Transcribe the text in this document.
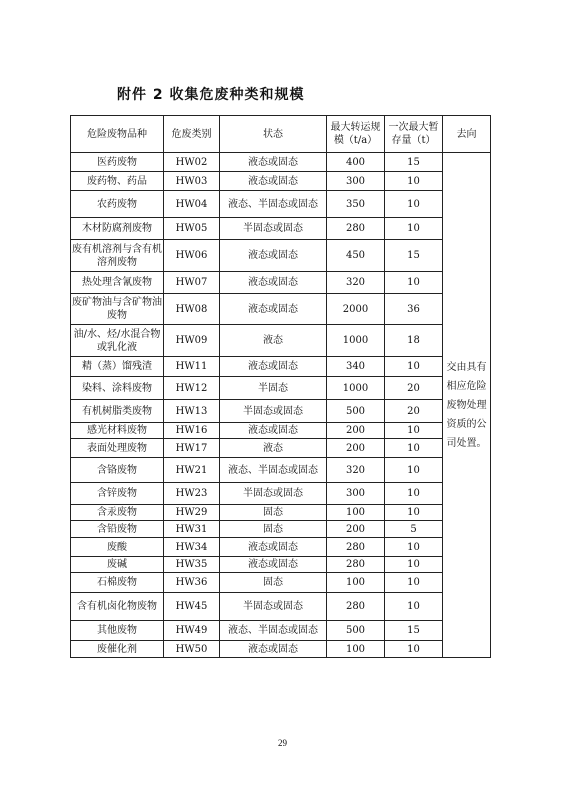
附件 2 收集危废种类和规模
危险废物品种	危废类别	状态	最大转运规模（t/a）	一次最大暂存量（t）	去向
医药废物	HW02	液态或固态	400	15	交由具有相应危险废物处理资质的公司处置。
废药物、药品	HW03	液态或固态	300	10	
农药废物	HW04	液态、半固态或固态	350	10	
木材防腐剂废物	HW05	半固态或固态	280	10	
废有机溶剂与含有机溶剂废物	HW06	液态或固态	450	15	
热处理含氰废物	HW07	液态或固态	320	10	
废矿物油与含矿物油废物	HW08	液态或固态	2000	36	
油/水、烃/水混合物或乳化液	HW09	液态	1000	18	
精（蒸）馏残渣	HW11	液态或固态	340	10	
染料、涂料废物	HW12	半固态	1000	20	
有机树脂类废物	HW13	半固态或固态	500	20	
感光材料废物	HW16	液态或固态	200	10	
表面处理废物	HW17	液态	200	10	
含铬废物	HW21	液态、半固态或固态	320	10	
含锌废物	HW23	半固态或固态	300	10	
含汞废物	HW29	固态	100	10	
含铅废物	HW31	固态	200	5	
废酸	HW34	液态或固态	280	10	
废碱	HW35	液态或固态	280	10	
石棉废物	HW36	固态	100	10	
含有机卤化物废物	HW45	半固态或固态	280	10	
其他废物	HW49	液态、半固态或固态	500	15	
废催化剂	HW50	液态或固态	100	10	
29
